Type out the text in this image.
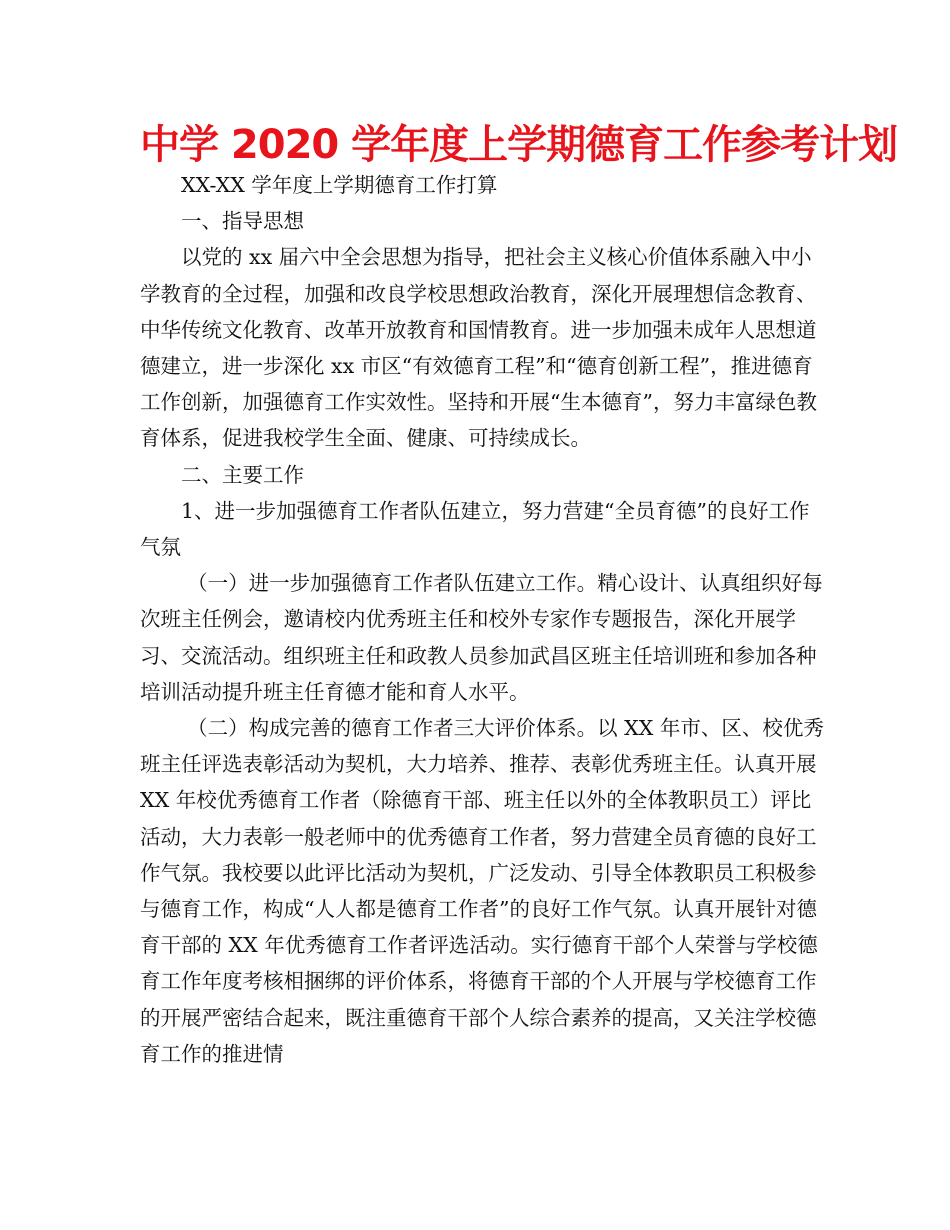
中学 2020 学年度上学期德育工作参考计划

XX-XX 学年度上学期德育工作打算

一、指导思想

以党的 xx 届六中全会思想为指导，把社会主义核心价值体系融入中小学教育的全过程，加强和改良学校思想政治教育，深化开展理想信念教育、中华传统文化教育、改革开放教育和国情教育。进一步加强未成年人思想道德建立，进一步深化 xx 市区“有效德育工程”和“德育创新工程”，推进德育工作创新，加强德育工作实效性。坚持和开展“生本德育”，努力丰富绿色教育体系，促进我校学生全面、健康、可持续成长。

二、主要工作

1、进一步加强德育工作者队伍建立，努力营建“全员育德”的良好工作气氛

（一）进一步加强德育工作者队伍建立工作。精心设计、认真组织好每次班主任例会，邀请校内优秀班主任和校外专家作专题报告，深化开展学习、交流活动。组织班主任和政教人员参加武昌区班主任培训班和参加各种培训活动提升班主任育德才能和育人水平。

（二）构成完善的德育工作者三大评价体系。以 XX 年市、区、校优秀班主任评选表彰活动为契机，大力培养、推荐、表彰优秀班主任。认真开展 XX 年校优秀德育工作者（除德育干部、班主任以外的全体教职员工）评比活动，大力表彰一般老师中的优秀德育工作者，努力营建全员育德的良好工作气氛。我校要以此评比活动为契机，广泛发动、引导全体教职员工积极参与德育工作，构成“人人都是德育工作者”的良好工作气氛。认真开展针对德育干部的 XX 年优秀德育工作者评选活动。实行德育干部个人荣誉与学校德育工作年度考核相捆绑的评价体系，将德育干部的个人开展与学校德育工作的开展严密结合起来，既注重德育干部个人综合素养的提高，又关注学校德育工作的推进情
